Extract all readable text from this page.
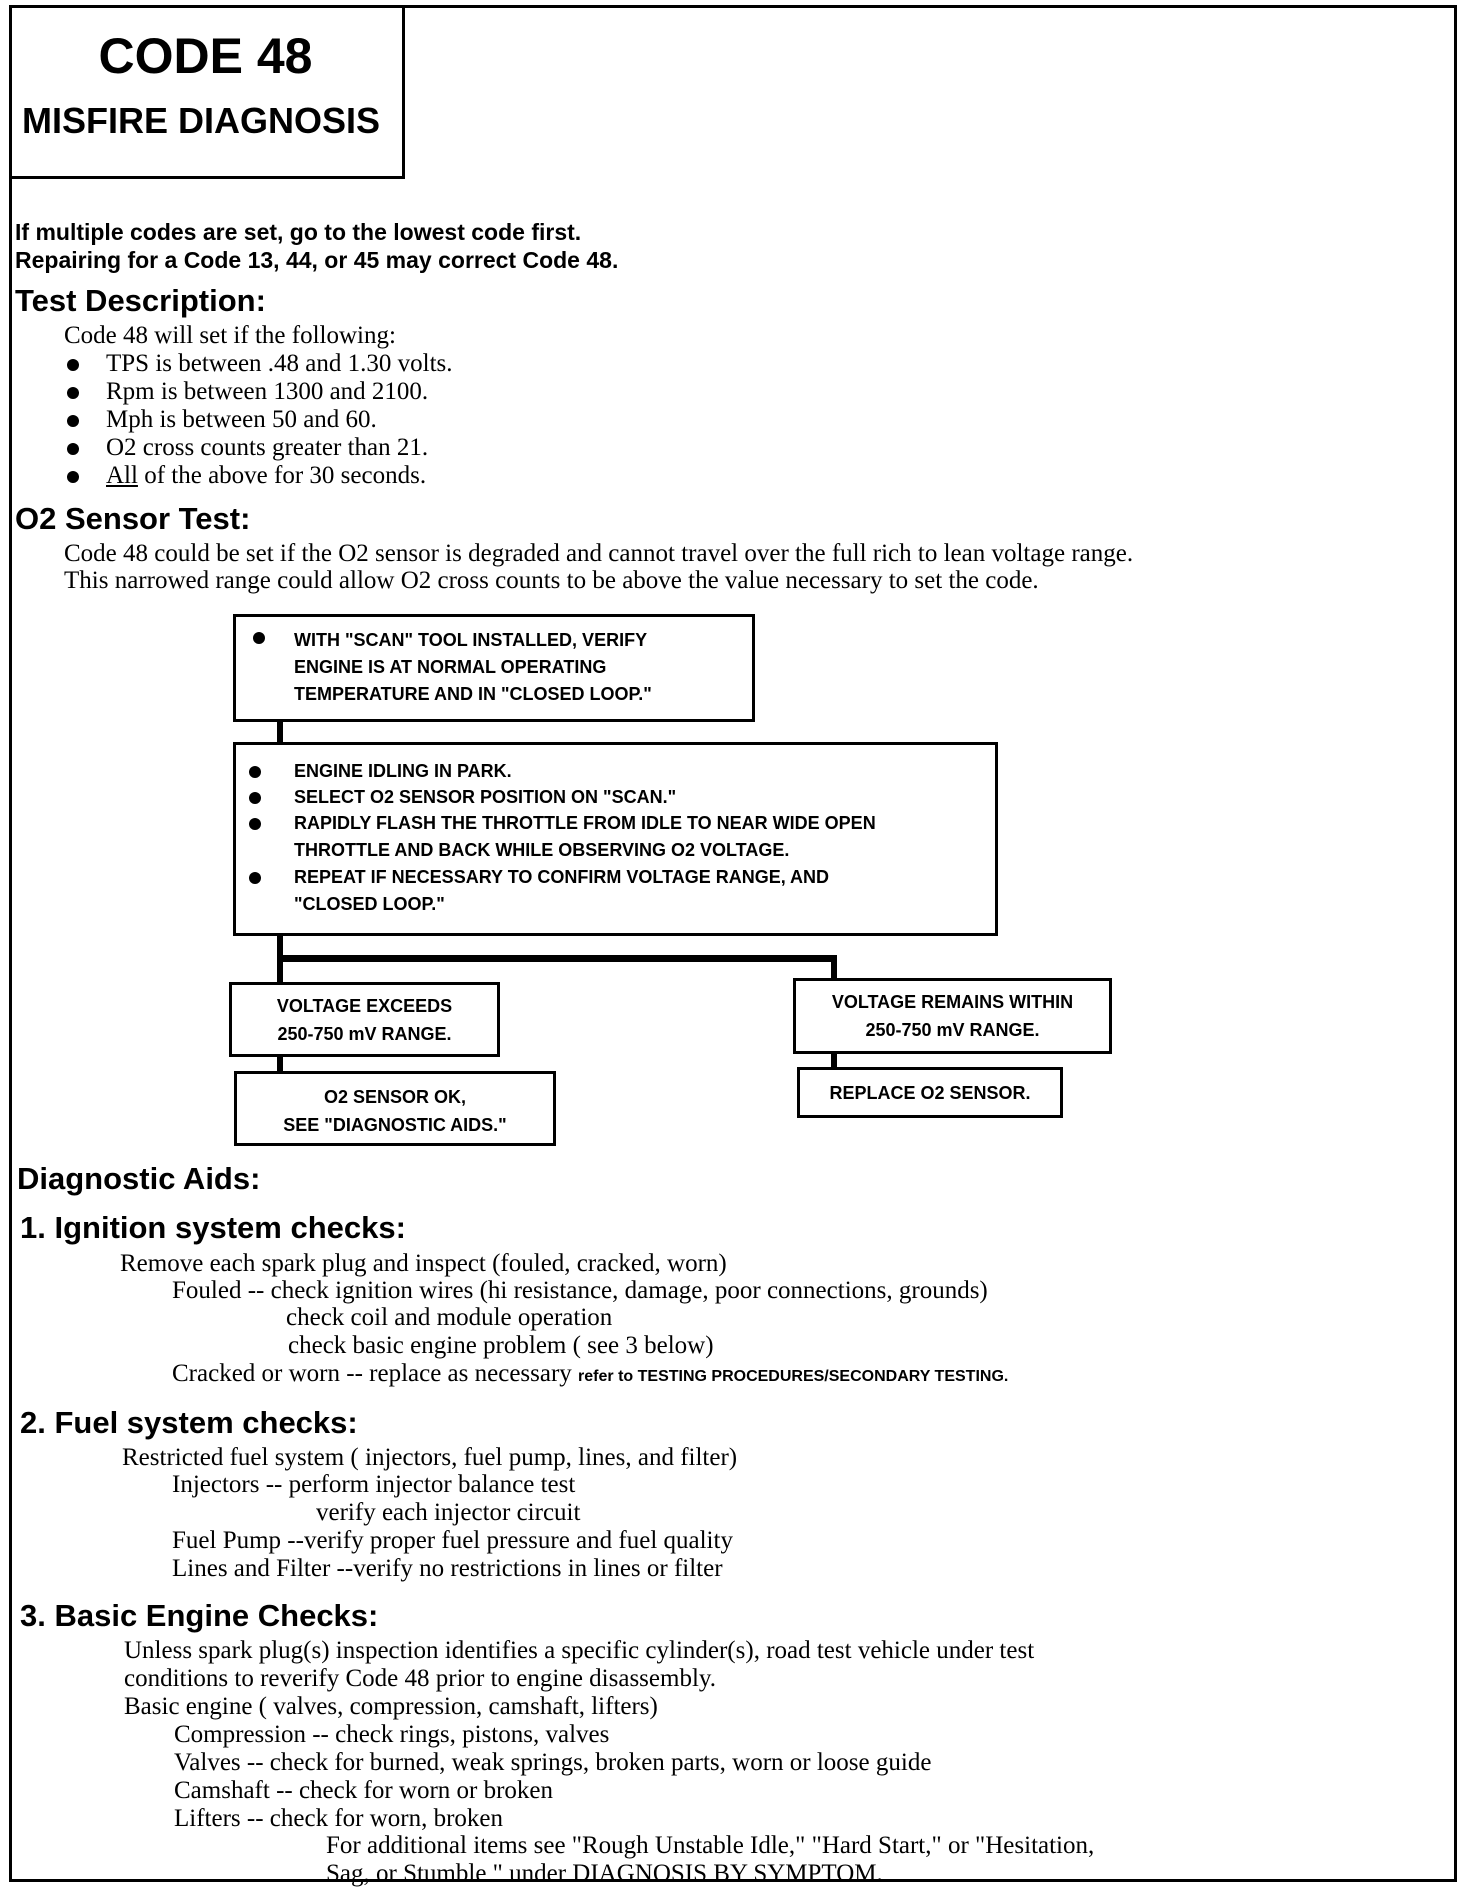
CODE 48
MISFIRE DIAGNOSIS
If multiple codes are set, go to the lowest code first.
Repairing for a Code 13, 44, or 45 may correct Code 48.
Test Description:
Code 48 will set if the following:
TPS is between .48 and 1.30 volts.
Rpm is between 1300 and 2100.
Mph is between 50 and 60.
O2 cross counts greater than 21.
All of the above for 30 seconds.
O2 Sensor Test:
Code 48 could be set if the O2 sensor is degraded and cannot travel over the full rich to lean voltage range.
This narrowed range could allow O2 cross counts to be above the value necessary to set the code.
WITH "SCAN" TOOL INSTALLED, VERIFY
ENGINE IS AT NORMAL OPERATING
TEMPERATURE AND IN "CLOSED LOOP."
ENGINE IDLING IN PARK.
SELECT O2 SENSOR POSITION ON "SCAN."
RAPIDLY FLASH THE THROTTLE FROM IDLE TO NEAR WIDE OPEN
THROTTLE AND BACK WHILE OBSERVING O2 VOLTAGE.
REPEAT IF NECESSARY TO CONFIRM VOLTAGE RANGE, AND
"CLOSED LOOP."
VOLTAGE EXCEEDS
250-750 mV RANGE.
O2 SENSOR OK,
SEE "DIAGNOSTIC AIDS."
VOLTAGE REMAINS WITHIN
250-750 mV RANGE.
REPLACE O2 SENSOR.
Diagnostic Aids:
1. Ignition system checks:
Remove each spark plug and inspect (fouled, cracked, worn)
Fouled -- check ignition wires (hi resistance, damage, poor connections, grounds)
check coil and module operation
check basic engine problem ( see 3 below)
Cracked or worn -- replace as necessary refer to TESTING PROCEDURES/SECONDARY TESTING.
2. Fuel system checks:
Restricted fuel system ( injectors, fuel pump, lines, and filter)
Injectors -- perform injector balance test
verify each injector circuit
Fuel Pump --verify proper fuel pressure and fuel quality
Lines and Filter --verify no restrictions in lines or filter
3. Basic Engine Checks:
Unless spark plug(s) inspection identifies a specific cylinder(s), road test vehicle under test
conditions to reverify Code 48 prior to engine disassembly.
Basic engine ( valves, compression, camshaft, lifters)
Compression -- check rings, pistons, valves
Valves -- check for burned, weak springs, broken parts, worn or loose guide
Camshaft -- check for worn or broken
Lifters -- check for worn, broken
For additional items see "Rough Unstable Idle," "Hard Start," or "Hesitation,
Sag, or Stumble " under DIAGNOSIS BY SYMPTOM.
